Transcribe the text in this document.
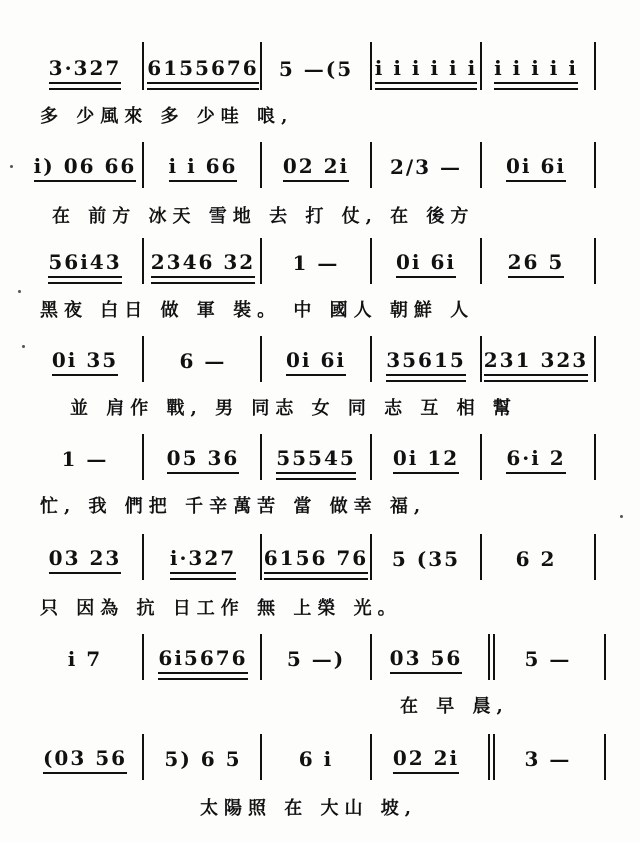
3·327 6155676 5 —(5 i i i i i i i i i i i
多 少風來 多 少哇 哴,
i) 06 66 i i 66 02 2i 2/3 — 0i 6i
在 前方 冰天 雪地 去 打 仗, 在 後方
56i43 2346 32 1 —	0i 6i	26 5
黑夜 白日 做 軍 裝。 中 國人 朝鮮 人
0i 35	6 —	0i 6i 35615 231 323
並 肩作 戰, 男 同志 女 同 志 互 相 幫
1 —	05 36 55545 0i 12 6·i 2
忙, 我 們把 千辛萬苦 當 做幸 福,
03 23 i·327 6156 76 5 (35	6 2
只 因為 抗 日工作 無 上榮 光。
i 7	6i5676 5 —) 03 56	5 —
在 早 晨,
(03 56 5) 6 5	6 i	02 2i	3 —
太陽照 在 大山 坡,
